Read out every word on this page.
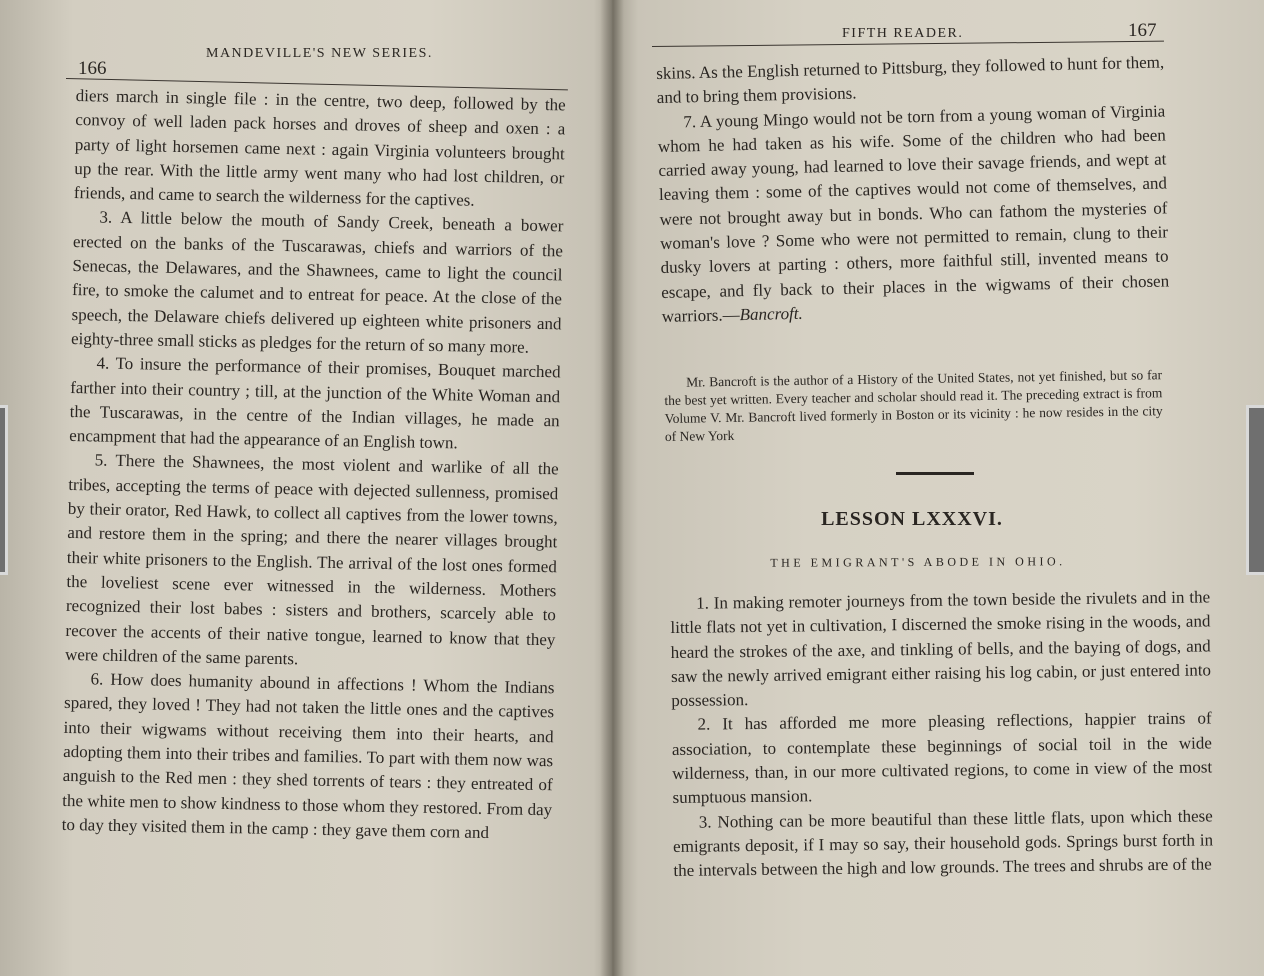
166
MANDEVILLE'S NEW SERIES.

diers march in single file : in the centre, two deep, followed by the convoy of well laden pack horses and droves of sheep and oxen : a party of light horsemen came next : again Virginia volunteers brought up the rear. With the little army went many who had lost children, or friends, and came to search the wilderness for the captives.

3. A little below the mouth of Sandy Creek, beneath a bower erected on the banks of the Tuscarawas, chiefs and warriors of the Senecas, the Delawares, and the Shawnees, came to light the council fire, to smoke the calumet and to entreat for peace. At the close of the speech, the Delaware chiefs delivered up eighteen white prisoners and eighty-three small sticks as pledges for the return of so many more.

4. To insure the performance of their promises, Bouquet marched farther into their country ; till, at the junction of the White Woman and the Tuscarawas, in the centre of the Indian villages, he made an encampment that had the appearance of an English town.

5. There the Shawnees, the most violent and warlike of all the tribes, accepting the terms of peace with dejected sullenness, promised by their orator, Red Hawk, to collect all captives from the lower towns, and restore them in the spring; and there the nearer villages brought their white prisoners to the English. The arrival of the lost ones formed the loveliest scene ever witnessed in the wilderness. Mothers recognized their lost babes : sisters and brothers, scarcely able to recover the accents of their native tongue, learned to know that they were children of the same parents.

6. How does humanity abound in affections ! Whom the Indians spared, they loved ! They had not taken the little ones and the captives into their wigwams without receiving them into their hearts, and adopting them into their tribes and families. To part with them now was anguish to the Red men : they shed torrents of tears : they entreated of the white men to show kindness to those whom they restored. From day to day they visited them in the camp : they gave them corn and

FIFTH READER.	167

skins. As the English returned to Pittsburg, they followed to hunt for them, and to bring them provisions.

7. A young Mingo would not be torn from a young woman of Virginia whom he had taken as his wife. Some of the children who had been carried away young, had learned to love their savage friends, and wept at leaving them : some of the captives would not come of themselves, and were not brought away but in bonds. Who can fathom the mysteries of woman's love ? Some who were not permitted to remain, clung to their dusky lovers at parting : others, more faithful still, invented means to escape, and fly back to their places in the wigwams of their chosen warriors.—Bancroft.

Mr. Bancroft is the author of a History of the United States, not yet finished, but so far the best yet written. Every teacher and scholar should read it. The preceding extract is from Volume V. Mr. Bancroft lived formerly in Boston or its vicinity : he now resides in the city of New York

LESSON LXXXVI.
THE EMIGRANT'S ABODE IN OHIO.

1. In making remoter journeys from the town beside the rivulets and in the little flats not yet in cultivation, I discerned the smoke rising in the woods, and heard the strokes of the axe, and tinkling of bells, and the baying of dogs, and saw the newly arrived emigrant either raising his log cabin, or just entered into possession.

2. It has afforded me more pleasing reflections, happier trains of association, to contemplate these beginnings of social toil in the wide wilderness, than, in our more cultivated regions, to come in view of the most sumptuous mansion.

3. Nothing can be more beautiful than these little flats, upon which these emigrants deposit, if I may so say, their household gods. Springs burst forth in the intervals between the high and low grounds. The trees and shrubs are of the
